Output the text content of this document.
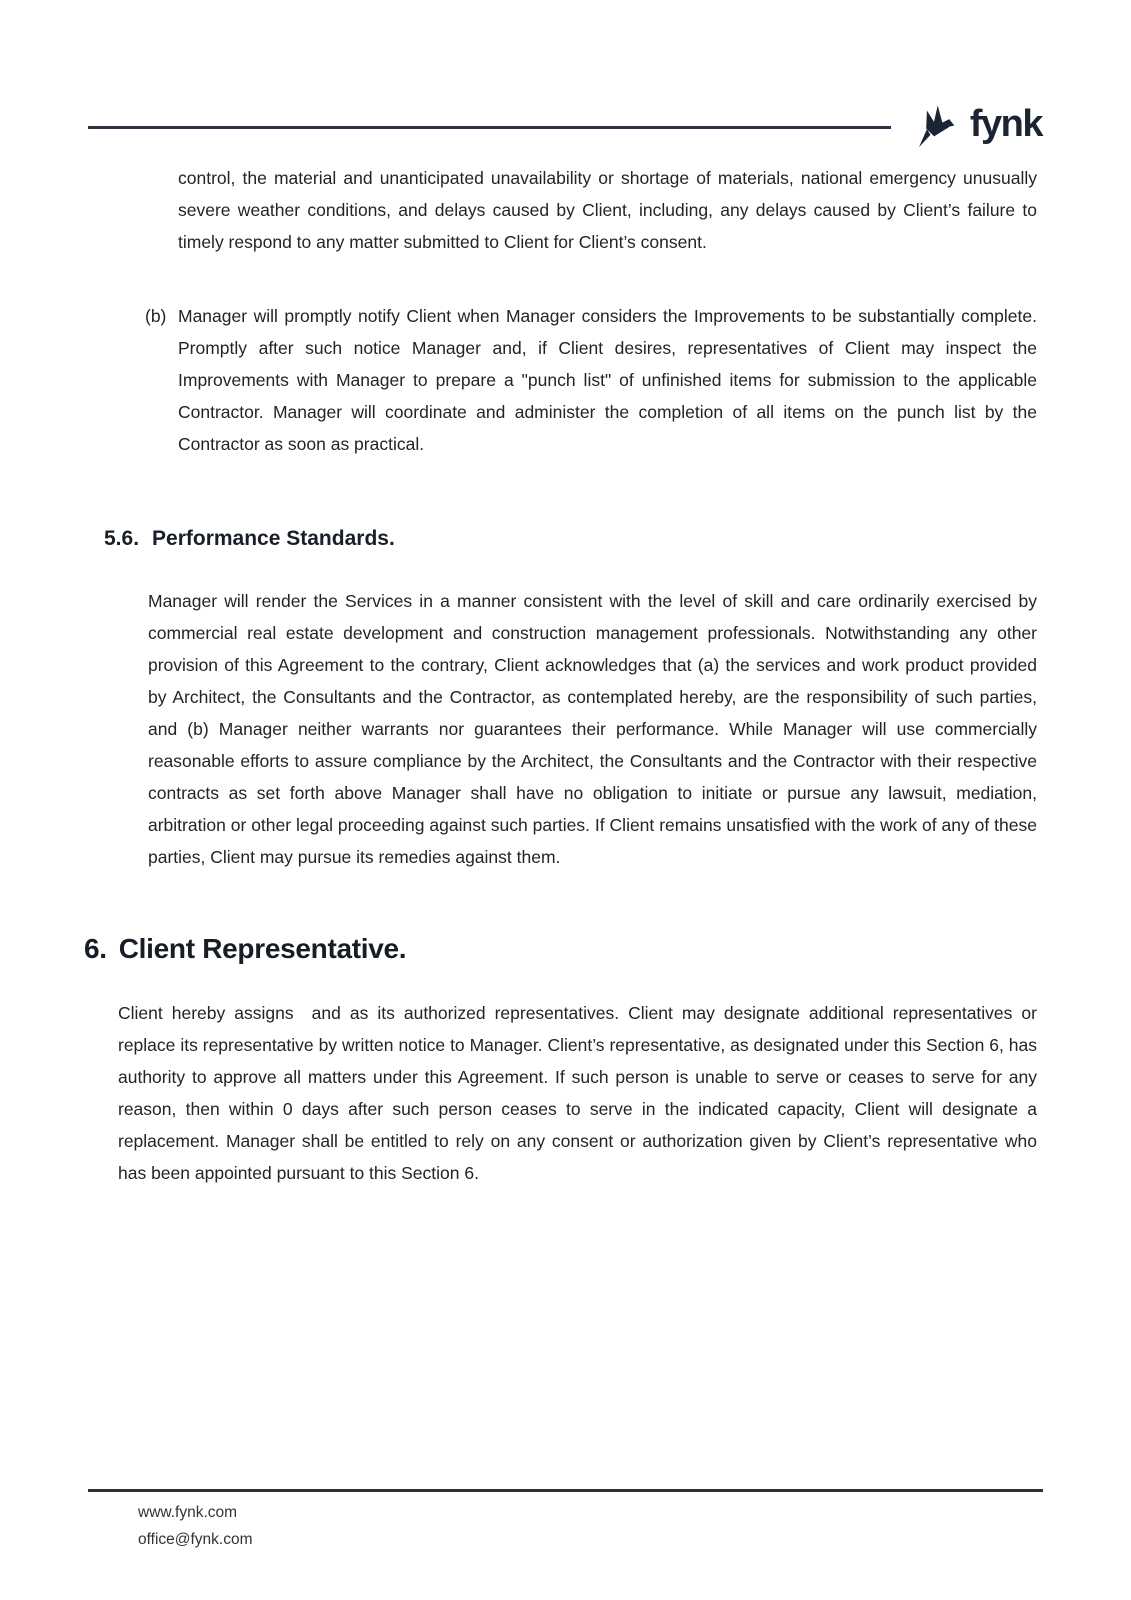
fynk

control, the material and unanticipated unavailability or shortage of materials, national emergency unusually severe weather conditions, and delays caused by Client, including, any delays caused by Client’s failure to timely respond to any matter submitted to Client for Client’s consent.

(b) Manager will promptly notify Client when Manager considers the Improvements to be substantially complete. Promptly after such notice Manager and, if Client desires, representatives of Client may inspect the Improvements with Manager to prepare a "punch list" of unfinished items for submission to the applicable Contractor. Manager will coordinate and administer the completion of all items on the punch list by the Contractor as soon as practical.

5.6. Performance Standards.

Manager will render the Services in a manner consistent with the level of skill and care ordinarily exercised by commercial real estate development and construction management professionals. Notwithstanding any other provision of this Agreement to the contrary, Client acknowledges that (a) the services and work product provided by Architect, the Consultants and the Contractor, as contemplated hereby, are the responsibility of such parties, and (b) Manager neither warrants nor guarantees their performance. While Manager will use commercially reasonable efforts to assure compliance by the Architect, the Consultants and the Contractor with their respective contracts as set forth above Manager shall have no obligation to initiate or pursue any lawsuit, mediation, arbitration or other legal proceeding against such parties. If Client remains unsatisfied with the work of any of these parties, Client may pursue its remedies against them.

6. Client Representative.

Client hereby assigns  and as its authorized representatives. Client may designate additional representatives or replace its representative by written notice to Manager. Client’s representative, as designated under this Section 6, has authority to approve all matters under this Agreement. If such person is unable to serve or ceases to serve for any reason, then within 0 days after such person ceases to serve in the indicated capacity, Client will designate a replacement. Manager shall be entitled to rely on any consent or authorization given by Client’s representative who has been appointed pursuant to this Section 6.

www.fynk.com
office@fynk.com
